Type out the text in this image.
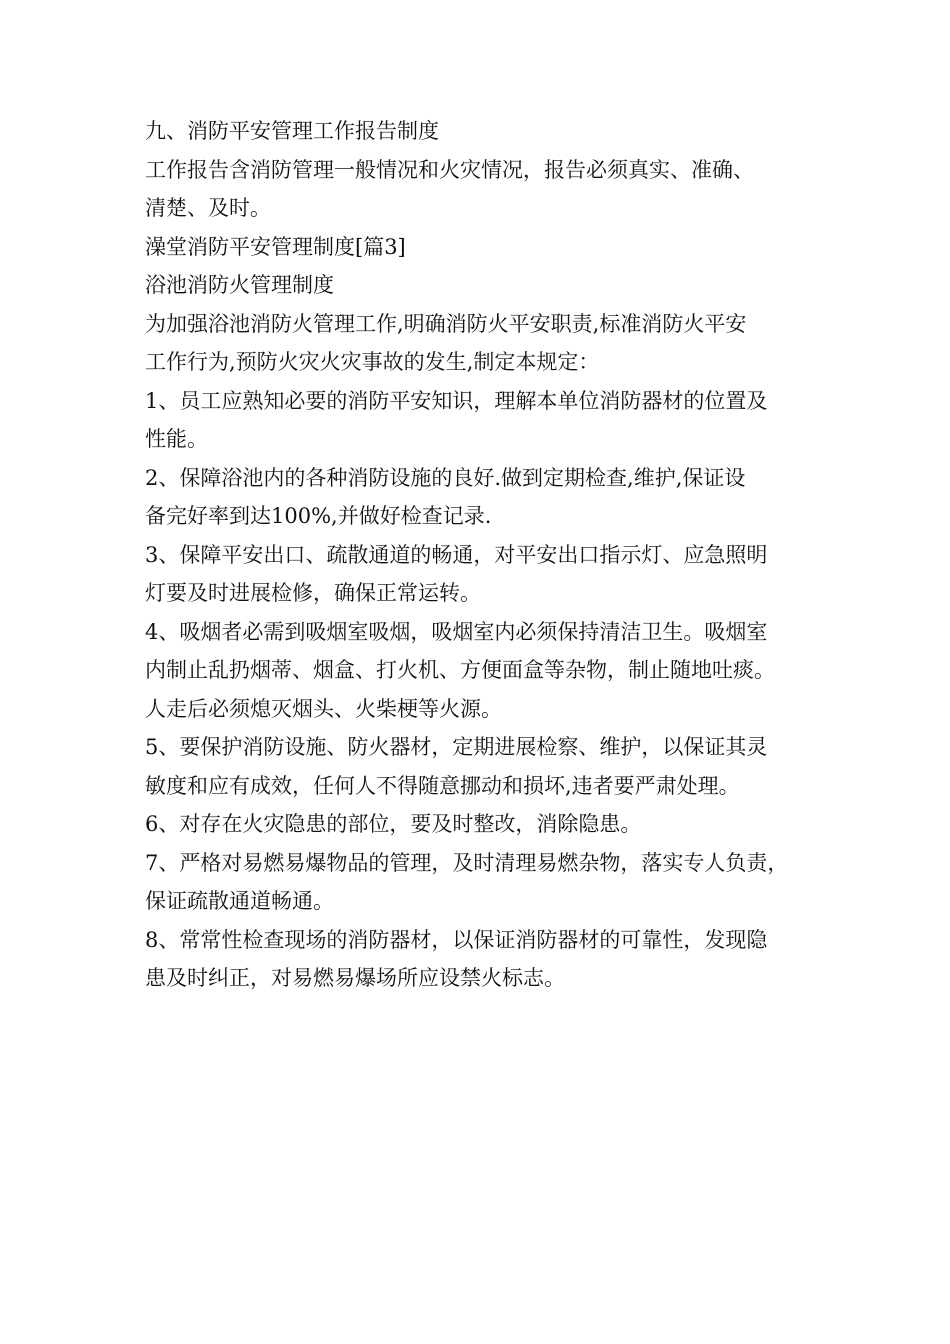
九、消防平安管理工作报告制度
工作报告含消防管理一般情况和火灾情况，报告必须真实、准确、
清楚、及时。
澡堂消防平安管理制度[篇3]
浴池消防火管理制度
为加强浴池消防火管理工作,明确消防火平安职责,标准消防火平安
工作行为,预防火灾火灾事故的发生,制定本规定：
1、员工应熟知必要的消防平安知识，理解本单位消防器材的位置及
性能。
2、保障浴池内的各种消防设施的良好.做到定期检查,维护,保证设
备完好率到达100%,并做好检查记录.
3、保障平安出口、疏散通道的畅通，对平安出口指示灯、应急照明
灯要及时进展检修，确保正常运转。
4、吸烟者必需到吸烟室吸烟，吸烟室内必须保持清洁卫生。吸烟室
内制止乱扔烟蒂、烟盒、打火机、方便面盒等杂物，制止随地吐痰。
人走后必须熄灭烟头、火柴梗等火源。
5、要保护消防设施、防火器材，定期进展检察、维护，以保证其灵
敏度和应有成效，任何人不得随意挪动和损坏,违者要严肃处理。
6、对存在火灾隐患的部位，要及时整改，消除隐患。
7、严格对易燃易爆物品的管理，及时清理易燃杂物，落实专人负责，
保证疏散通道畅通。
8、常常性检查现场的消防器材，以保证消防器材的可靠性，发现隐
患及时纠正，对易燃易爆场所应设禁火标志。
